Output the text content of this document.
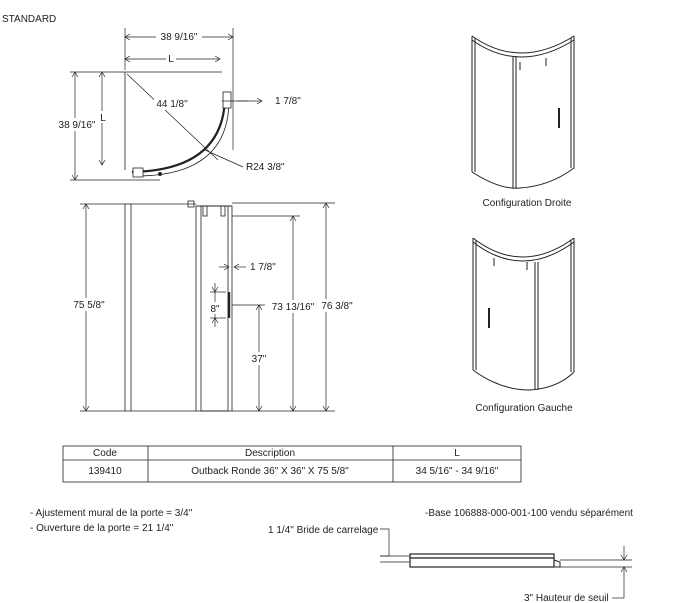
STANDARD
38 9/16"
L
38 9/16"
L
44 1/8"	1 7/8"
R24 3/8"
75 5/8"
1 7/8"
8"	73 13/16" 76 3/8"
37"
Configuration Droite
Configuration Gauche
Code	Description	L
139410	Outback Ronde 36" X 36" X 75 5/8"	34 5/16" - 34 9/16"
- Ajustement mural de la porte = 3/4"
- Ouverture de la porte = 21 1/4"
-Base 106888-000-001-100 vendu séparément
1 1/4" Bride de carrelage
3" Hauteur de seuil
